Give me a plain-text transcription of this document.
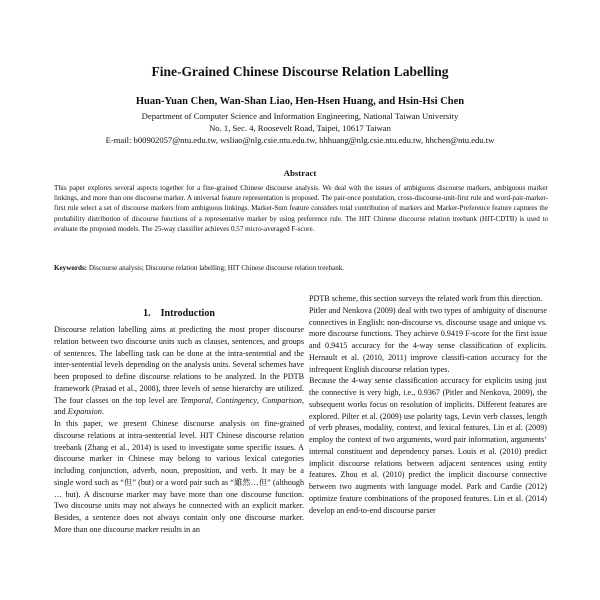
Fine-Grained Chinese Discourse Relation Labelling
Huan-Yuan Chen, Wan-Shan Liao, Hen-Hsen Huang, and Hsin-Hsi Chen
Department of Computer Science and Information Engineering, National Taiwan University
No. 1, Sec. 4, Roosevelt Road, Taipei, 10617 Taiwan
E-mail: b00902057@ntu.edu.tw, wsliao@nlg.csie.ntu.edu.tw, hhhuang@nlg.csie.ntu.edu.tw, hhchen@ntu.edu.tw
Abstract
This paper explores several aspects together for a fine-grained Chinese discourse analysis. We deal with the issues of ambiguous discourse markers, ambiguous marker linkings, and more than one discourse marker. A universal feature representation is proposed. The pair-once postulation, cross-discourse-unit-first rule and word-pair-marker-first rule select a set of discourse markers from ambiguous linkings. Marker-Sum feature considers total contribution of markers and Marker-Preference feature captures the probability distribution of discourse functions of a representative marker by using preference rule. The HIT Chinese discourse relation treebank (HIT-CDTB) is used to evaluate the proposed models. The 25-way classifier achieves 0.57 micro-averaged F-score.
Keywords: Discourse analysis; Discourse relation labelling; HIT Chinese discourse relation treebank.
1. Introduction

Discourse relation labelling aims at predicting the most proper discourse relation between two discourse units such as clauses, sentences, and groups of sentences. The labelling task can be done at the intra-sentential and the inter-sentential levels depending on the analysis units. Several schemes have been proposed to define discourse relations to be analyzed. In the PDTB framework (Prasad et al., 2008), three levels of sense hierarchy are utilized. The four classes on the top level are Temporal, Contingency, Comparison, and Expansion.

In this paper, we present Chinese discourse analysis on fine-grained discourse relations at intra-sentential level. HIT Chinese discourse relation treebank (Zhang et al., 2014) is used to investigate some specific issues. A discourse marker in Chinese may belong to various lexical categories including conjunction, adverb, noun, preposition, and verb. It may be a single word such as “但” (but) or a word pair such as “雖然…但” (although … but). A discourse marker may have more than one discourse function. Two discourse units may not always be connected with an explicit marker. Besides, a sentence does not always contain only one discourse marker. More than one discourse marker results in an

PDTB scheme, this section surveys the related work from this direction.

Pitler and Nenkova (2009) deal with two types of ambiguity of discourse connectives in English: non-discourse vs. discourse usage and unique vs. more discourse functions. They achieve 0.9419 F-score for the first issue and 0.9415 accuracy for the 4-way sense classification of explicits. Hernault et al. (2010, 2011) improve classifi-cation accuracy for the infrequent English discourse relation types.

Because the 4-way sense classification accuracy for explicits using just the connective is very high, i.e., 0.9367 (Pitler and Nenkova, 2009), the subsequent works focus on resolution of implicits. Different features are explored. Pilter et al. (2009) use polarity tags, Levin verb classes, length of verb phrases, modality, context, and lexical features. Lin et al. (2009) employ the context of two arguments, word pair information, arguments’ internal constituent and dependency parses. Louis et al. (2010) predict implicit discourse relations between adjacent sentences using entity features. Zhou et al. (2010) predict the implicit discourse connective between two augments with language model. Park and Cardie (2012) optimize feature combinations of the proposed features. Lin et al. (2014) develop an end-to-end discourse parser
